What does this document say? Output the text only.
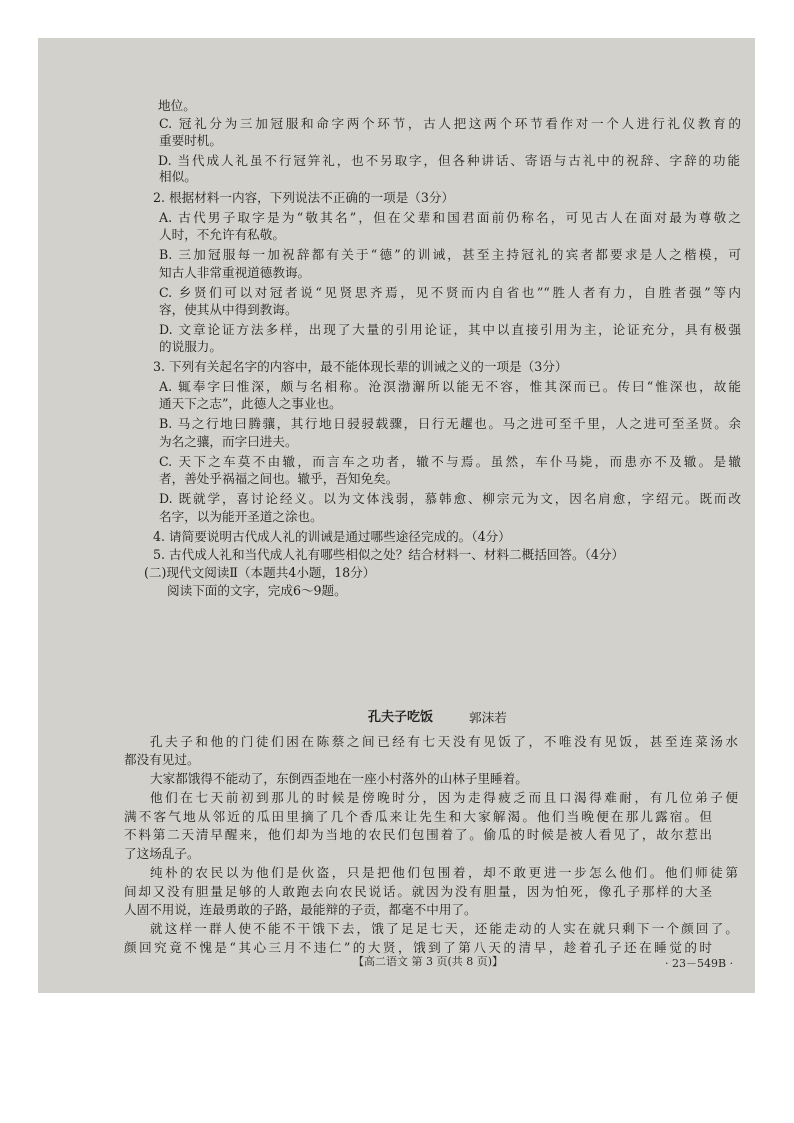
孔夫子吃饭	郭沫若
【高二语文 第 3 页(共 8 页)】	· 23－549B ·
地位。
C. 冠礼分为三加冠服和命字两个环节，古人把这两个环节看作对一个人进行礼仪教育的
重要时机。
D. 当代成人礼虽不行冠笄礼，也不另取字，但各种讲话、寄语与古礼中的祝辞、字辞的功能
相似。
2. 根据材料一内容，下列说法不正确的一项是（3分）
A. 古代男子取字是为“敬其名”，但在父辈和国君面前仍称名，可见古人在面对最为尊敬之
人时，不允许有私敬。
B. 三加冠服每一加祝辞都有关于“德”的训诫，甚至主持冠礼的宾者都要求是人之楷模，可
知古人非常重视道德教诲。
C. 乡贤们可以对冠者说“见贤思齐焉，见不贤而内自省也”“胜人者有力，自胜者强”等内
容，使其从中得到教诲。
D. 文章论证方法多样，出现了大量的引用论证，其中以直接引用为主，论证充分，具有极强
的说服力。
3. 下列有关起名字的内容中，最不能体现长辈的训诫之义的一项是（3分）
A. 辄奉字曰惟深，颇与名相称。沧溟渤澥所以能无不容，惟其深而已。传曰“惟深也，故能
通天下之志”，此德人之事业也。
B. 马之行地曰腾骧，其行地日骎骎载骤，日行无趯也。马之进可至千里，人之进可至圣贤。余
为名之骧，而字曰进夫。
C. 天下之车莫不由辙，而言车之功者，辙不与焉。虽然，车仆马毙，而患亦不及辙。是辙
者，善处乎祸福之间也。辙乎，吾知免矣。
D. 既就学，喜讨论经义。以为文体浅弱，慕韩愈、柳宗元为文，因名肩愈，字绍元。既而改
名字，以为能开圣道之涂也。
4. 请简要说明古代成人礼的训诫是通过哪些途径完成的。（4分）
5. 古代成人礼和当代成人礼有哪些相似之处？结合材料一、材料二概括回答。（4分）
(二)现代文阅读Ⅱ（本题共4小题，18分）
阅读下面的文字，完成6～9题。
孔夫子和他的门徒们困在陈蔡之间已经有七天没有见饭了，不唯没有见饭，甚至连菜汤水
都没有见过。
大家都饿得不能动了，东倒西歪地在一座小村落外的山林子里睡着。
他们在七天前初到那儿的时候是傍晚时分，因为走得疲乏而且口渴得难耐，有几位弟子便
满不客气地从邻近的瓜田里摘了几个香瓜来让先生和大家解渴。他们当晚便在那儿露宿。但
不料第二天清早醒来，他们却为当地的农民们包围着了。偷瓜的时候是被人看见了，故尔惹出
了这场乱子。
纯朴的农民以为他们是伙盗，只是把他们包围着，却不敢更进一步怎么他们。他们师徒第
间却又没有胆量足够的人敢跑去向农民说话。就因为没有胆量，因为怕死，像孔子那样的大圣
人固不用说，连最勇敢的子路，最能辩的子贡，都毫不中用了。
就这样一群人使不能不干饿下去，饿了足足七天，还能走动的人实在就只剩下一个颜回了。
颜回究竟不愧是“其心三月不违仁”的大贤，饿到了第八天的清早，趁着孔子还在睡觉的时
